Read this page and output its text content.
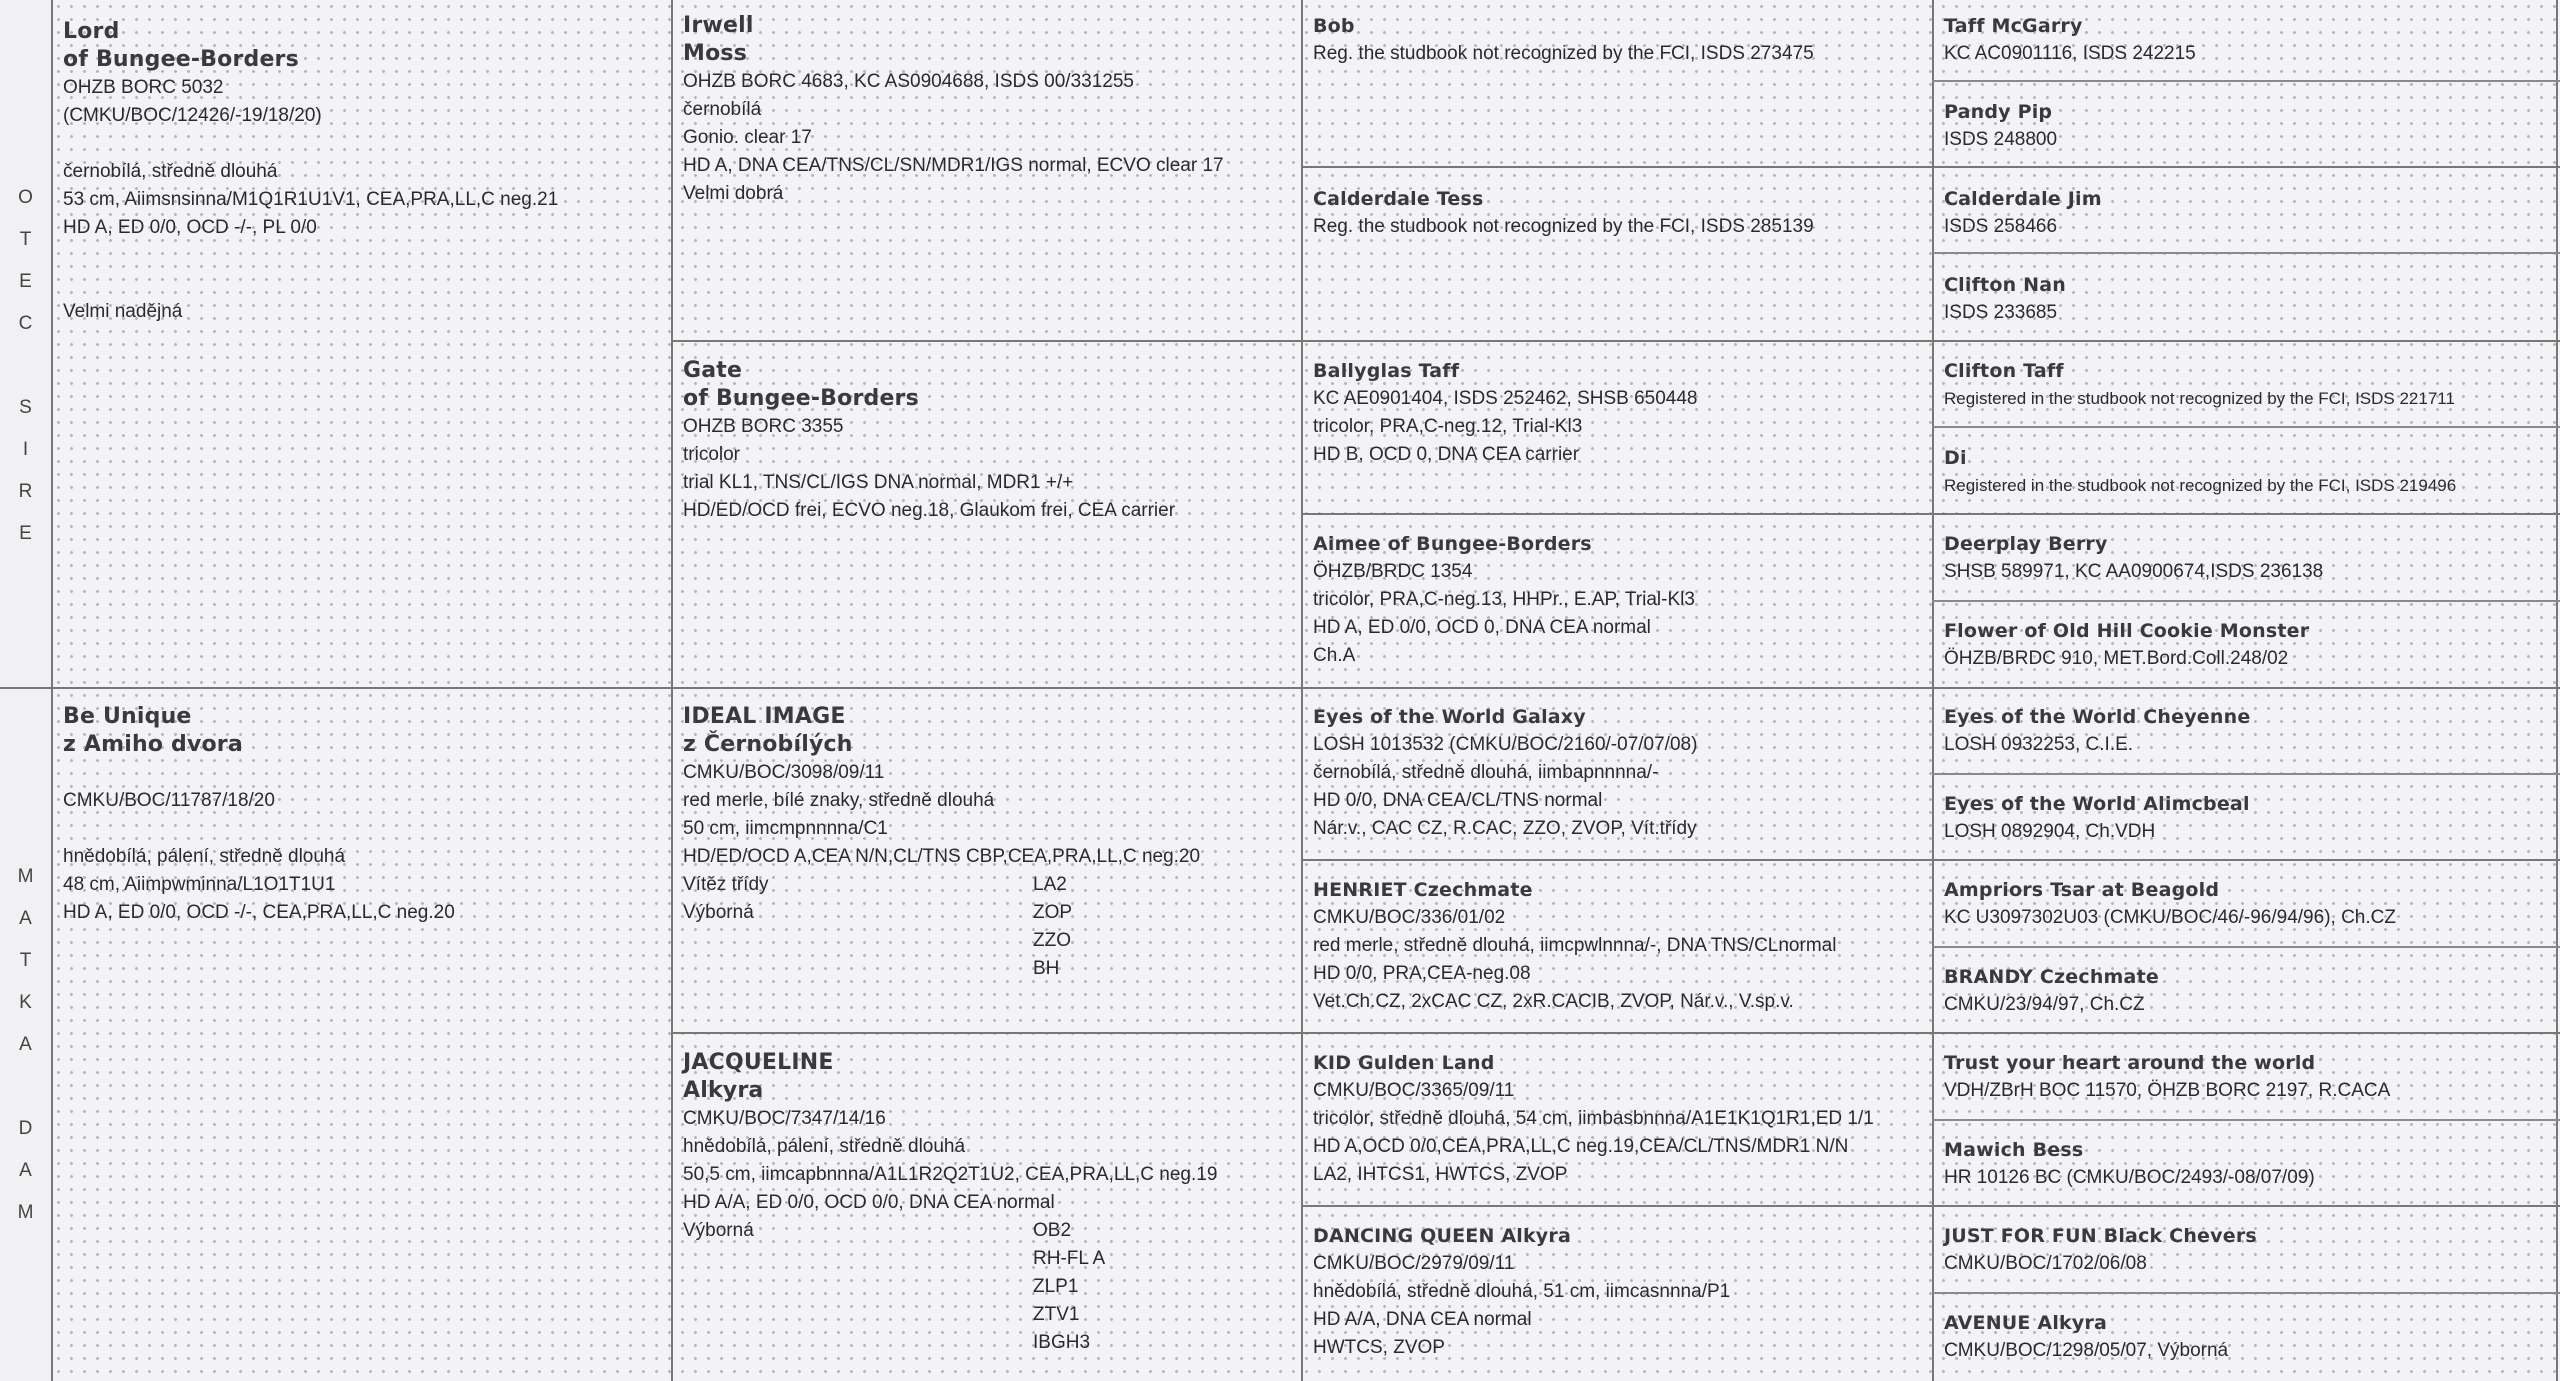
O
T
E
C
S
I
R
E
M
A
T
K
A
D
A
M
Lord
of Bungee-Borders
OHZB BORC 5032
(CMKU/BOC/12426/-19/18/20)
černobílá, středně dlouhá
53 cm, Aiimsnsinna/M1Q1R1U1V1, CEA,PRA,LL,C neg.21
HD A, ED 0/0, OCD -/-, PL 0/0
Velmi nadějná
Be Unique
z Amiho dvora
CMKU/BOC/11787/18/20
hnědobílá, pálení, středně dlouhá
48 cm, Aiimpwminna/L1O1T1U1
HD A, ED 0/0, OCD -/-, CEA,PRA,LL,C neg.20
Irwell
Moss
OHZB BORC 4683, KC AS0904688, ISDS 00/331255
černobílá
Gonio. clear 17
HD A, DNA CEA/TNS/CL/SN/MDR1/IGS normal, ECVO clear 17
Velmi dobrá
Gate
of Bungee-Borders
OHZB BORC 3355
tricolor
trial KL1, TNS/CL/IGS DNA normal, MDR1 +/+
HD/ED/OCD frei, ECVO neg.18, Glaukom frei, CEA carrier
IDEAL IMAGE
z Černobílých
CMKU/BOC/3098/09/11
red merle, bílé znaky, středně dlouhá
50 cm, iimcmpnnnna/C1
HD/ED/OCD A,CEA N/N,CL/TNS CBP,CEA,PRA,LL,C neg.20
Vítěz třídy	LA2
Výborná	ZOP
ZZO
BH
JACQUELINE
Alkyra
CMKU/BOC/7347/14/16
hnědobílá, pálení, středně dlouhá
50,5 cm, iimcapbnnna/A1L1R2Q2T1U2, CEA,PRA,LL,C neg.19
HD A/A, ED 0/0, OCD 0/0, DNA CEA normal
Výborná	OB2
RH-FL A
ZLP1
ZTV1
IBGH3
Bob
Reg. the studbook not recognized by the FCI, ISDS 273475
Calderdale Tess
Reg. the studbook not recognized by the FCI, ISDS 285139
Ballyglas Taff
KC AE0901404, ISDS 252462, SHSB 650448
tricolor, PRA,C-neg.12, Trial-Kl3
HD B, OCD 0, DNA CEA carrier
Aimee of Bungee-Borders
ÖHZB/BRDC 1354
tricolor, PRA,C-neg.13, HHPr., E.AP, Trial-Kl3
HD A, ED 0/0, OCD 0, DNA CEA normal
Ch.A
Eyes of the World Galaxy
LOSH 1013532 (CMKU/BOC/2160/-07/07/08)
černobílá, středně dlouhá, iimbapnnnna/-
HD 0/0, DNA CEA/CL/TNS normal
Nár.v., CAC CZ, R.CAC, ZZO, ZVOP, Vít.třídy
HENRIET Czechmate
CMKU/BOC/336/01/02
red merle, středně dlouhá, iimcpwlnnna/-, DNA TNS/CLnormal
HD 0/0, PRA,CEA-neg.08
Vet.Ch.CZ, 2xCAC CZ, 2xR.CACIB, ZVOP, Nár.v., V.sp.v.
KID Gulden Land
CMKU/BOC/3365/09/11
tricolor, středně dlouhá, 54 cm, iimbasbnnna/A1E1K1Q1R1,ED 1/1
HD A,OCD 0/0,CEA,PRA,LL,C neg.19,CEA/CL/TNS/MDR1 N/N
LA2, IHTCS1, HWTCS, ZVOP
DANCING QUEEN Alkyra
CMKU/BOC/2979/09/11
hnědobílá, středně dlouhá, 51 cm, iimcasnnna/P1
HD A/A, DNA CEA normal
HWTCS, ZVOP
Taff McGarry
KC AC0901116, ISDS 242215
Pandy Pip
ISDS 248800
Calderdale Jim
ISDS 258466
Clifton Nan
ISDS 233685
Clifton Taff
Registered in the studbook not recognized by the FCI, ISDS 221711
Di
Registered in the studbook not recognized by the FCI, ISDS 219496
Deerplay Berry
SHSB 589971, KC AA0900674,ISDS 236138
Flower of Old Hill Cookie Monster
ÖHZB/BRDC 910, MET.Bord.Coll.248/02
Eyes of the World Cheyenne
LOSH 0932253, C.I.E.
Eyes of the World Alimcbeal
LOSH 0892904, Ch.VDH
Ampriors Tsar at Beagold
KC U3097302U03 (CMKU/BOC/46/-96/94/96), Ch.CZ
BRANDY Czechmate
CMKU/23/94/97, Ch.CZ
Trust your heart around the world
VDH/ZBrH BOC 11570, ÖHZB BORC 2197, R.CACA
Mawich Bess
HR 10126 BC (CMKU/BOC/2493/-08/07/09)
JUST FOR FUN Black Chevers
CMKU/BOC/1702/06/08
AVENUE Alkyra
CMKU/BOC/1298/05/07, Výborná
